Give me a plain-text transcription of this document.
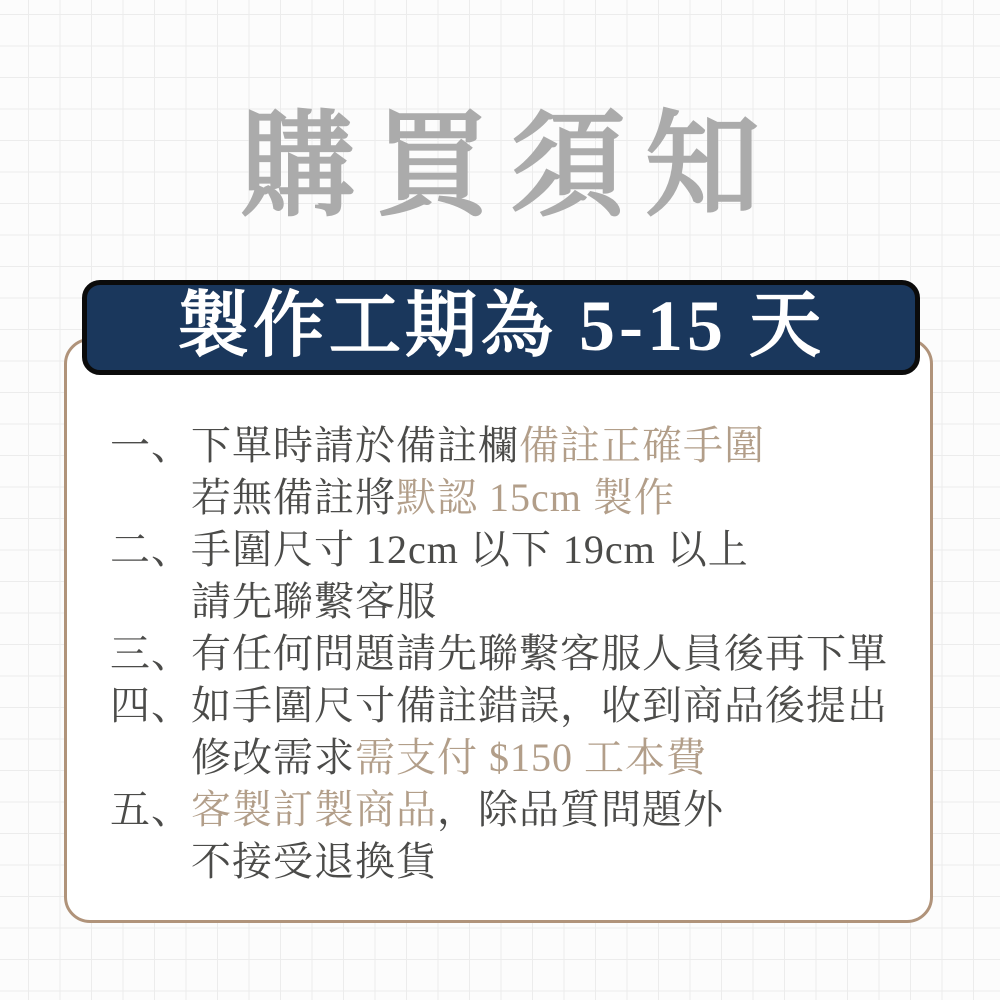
購買須知
製作工期為 5-15 天
一、 下單時請於備註欄 備註正確手圍
若無備註將 默認 15cm 製作
二、 手圍尺寸 12cm 以下 19cm 以上
請先聯繫客服
三、 有任何問題請先聯繫客服人員後再下單
四、 如手圍尺寸備註錯誤，收到商品後提出
修改需求 需支付 $150 工本費
五、 客製訂製商品 ，除品質問題外
不接受退換貨
